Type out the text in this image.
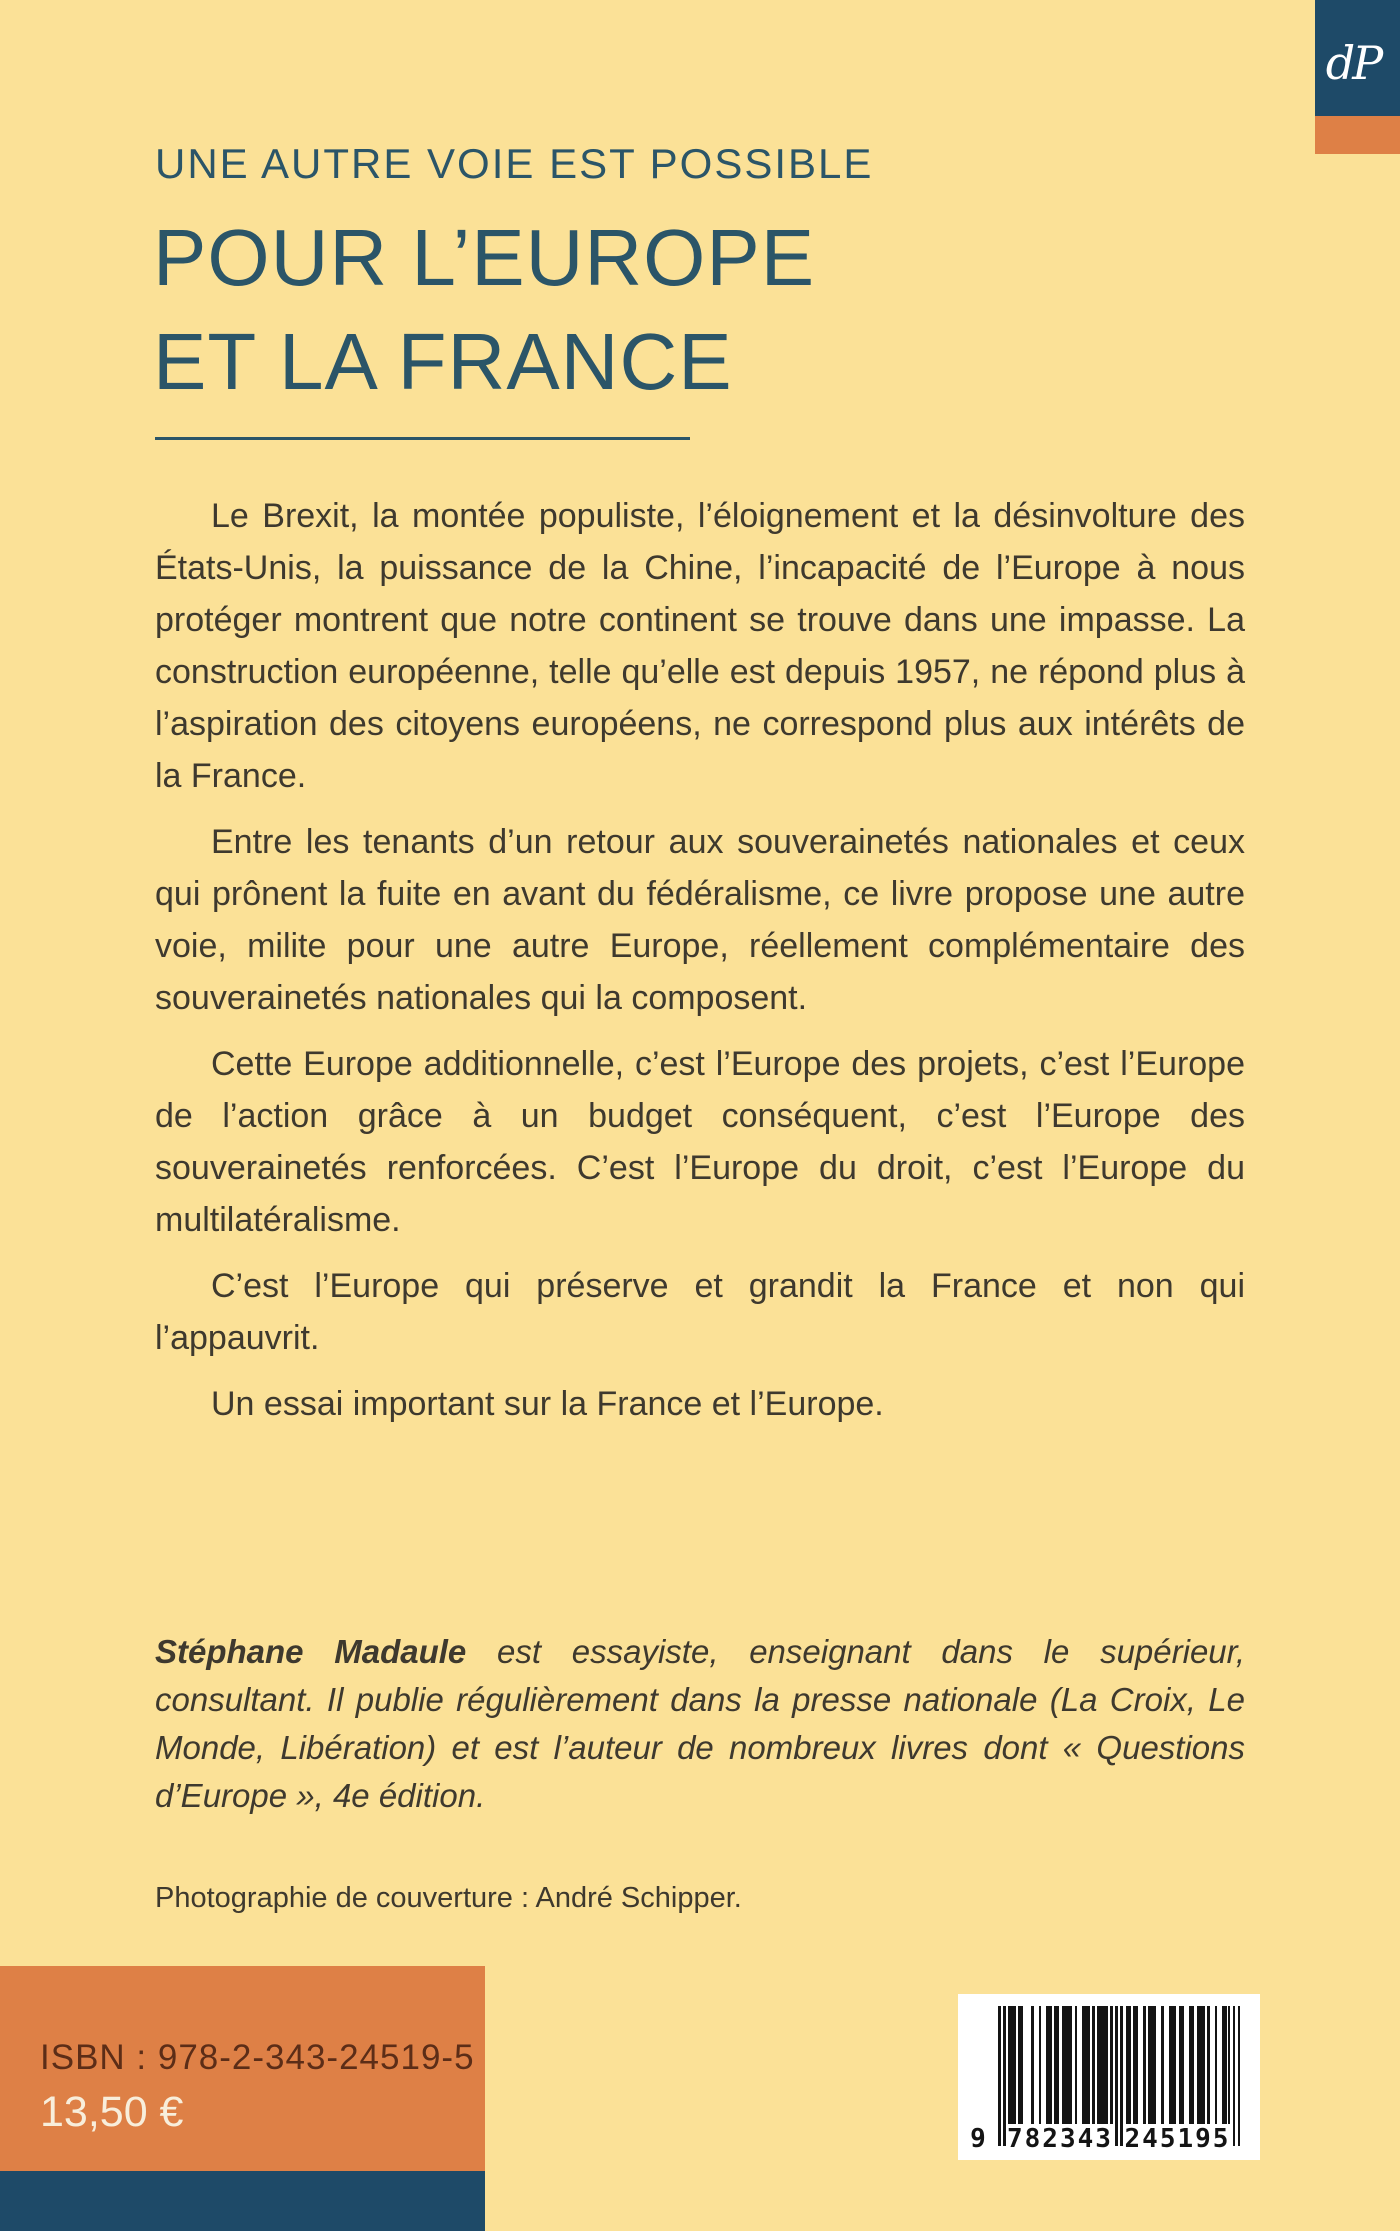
dP
UNE AUTRE VOIE EST POSSIBLE
POUR L’EUROPE
ET LA FRANCE

Le Brexit, la montée populiste, l’éloignement et la désinvolture des États-Unis, la puissance de la Chine, l’incapacité de l’Europe à nous protéger montrent que notre continent se trouve dans une impasse. La construction européenne, telle qu’elle est depuis 1957, ne répond plus à l’aspiration des citoyens européens, ne correspond plus aux intérêts de la France.

Entre les tenants d’un retour aux souverainetés nationales et ceux qui prônent la fuite en avant du fédéralisme, ce livre propose une autre voie, milite pour une autre Europe, réellement complémentaire des souverainetés nationales qui la composent.

Cette Europe additionnelle, c’est l’Europe des projets, c’est l’Europe de l’action grâce à un budget conséquent, c’est l’Europe des souverainetés renforcées. C’est l’Europe du droit, c’est l’Europe du multilatéralisme.

C’est l’Europe qui préserve et grandit la France et non qui l’appauvrit.

Un essai important sur la France et l’Europe.

Stéphane Madaule est essayiste, enseignant dans le supérieur, consultant. Il publie régulièrement dans la presse nationale (La Croix, Le Monde, Libération) et est l’auteur de nombreux livres dont « Questions d’Europe », 4e édition.
Photographie de couverture : André Schipper.
ISBN : 978-2-343-24519-5
13,50 €
9 782343 245195
